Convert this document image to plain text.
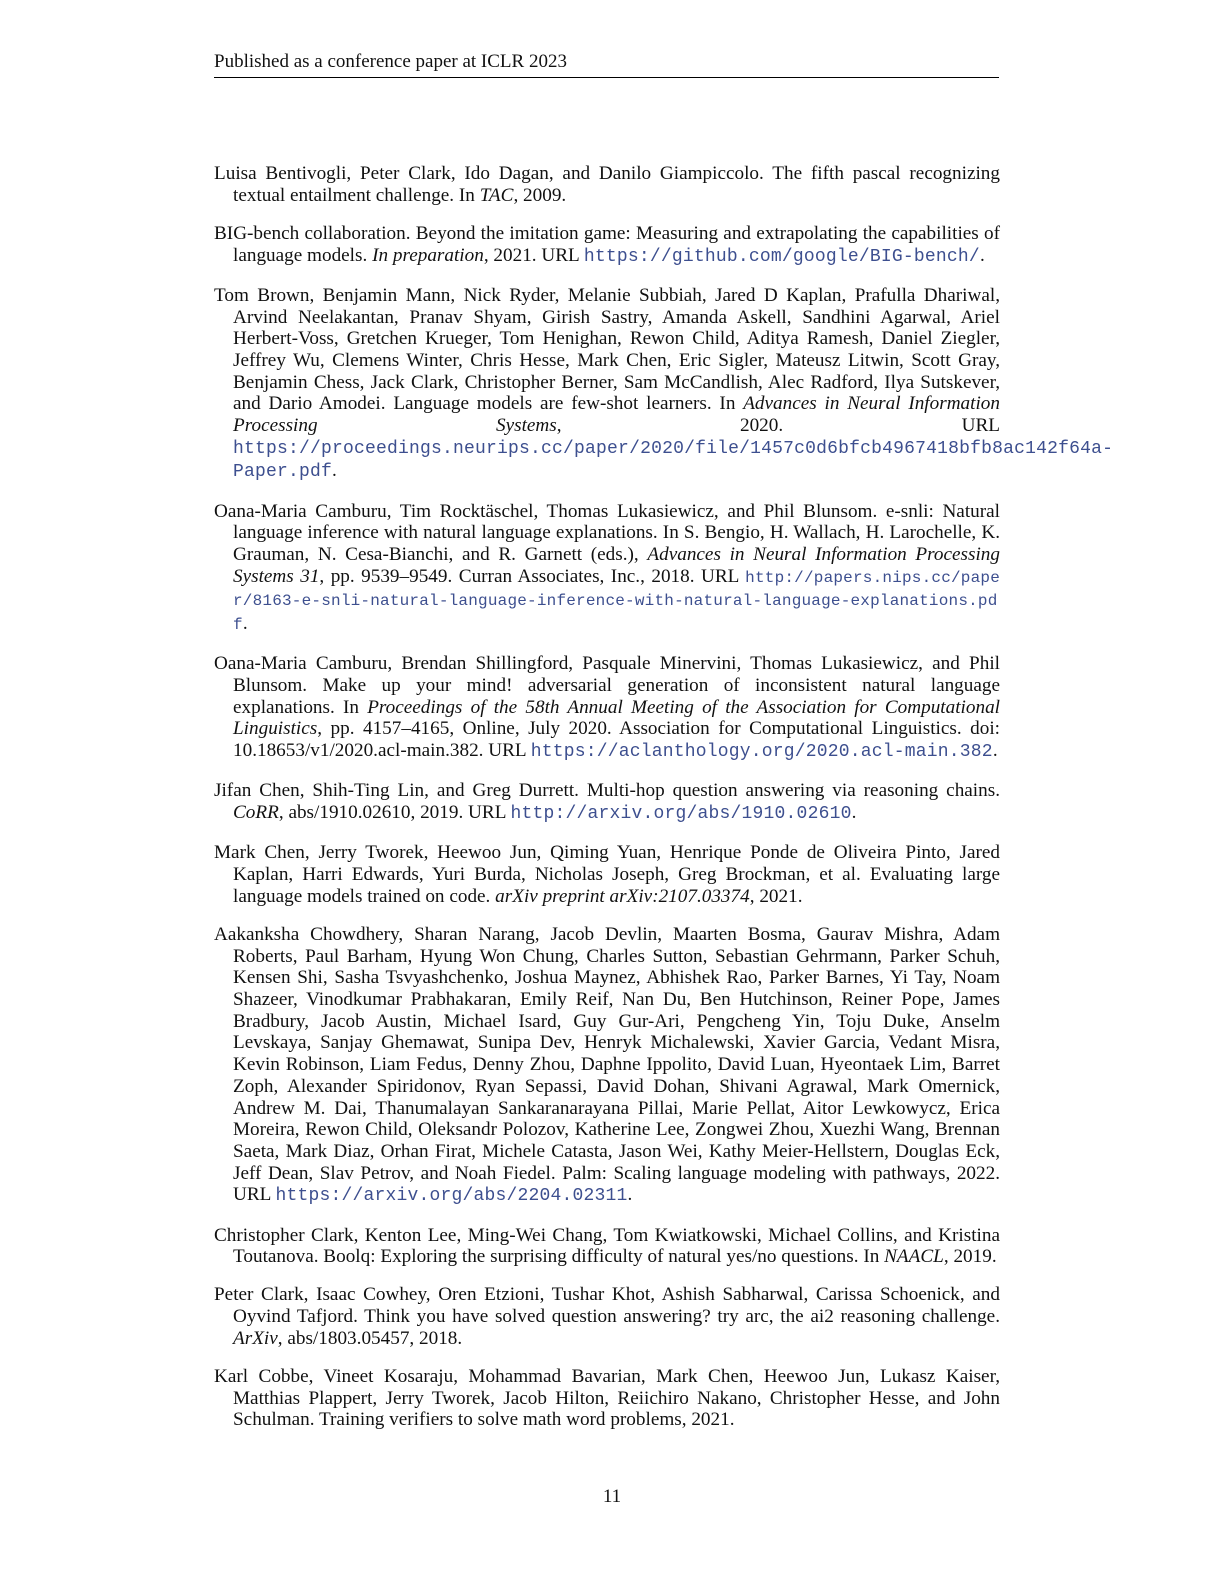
Published as a conference paper at ICLR 2023

Luisa Bentivogli, Peter Clark, Ido Dagan, and Danilo Giampiccolo. The fifth pascal recognizing textual entailment challenge. In TAC, 2009.

BIG-bench collaboration. Beyond the imitation game: Measuring and extrapolating the capabilities of language models. In preparation, 2021. URL https://github.com/google/BIG-bench/.

Tom Brown, Benjamin Mann, Nick Ryder, Melanie Subbiah, Jared D Kaplan, Prafulla Dhariwal, Arvind Neelakantan, Pranav Shyam, Girish Sastry, Amanda Askell, Sandhini Agarwal, Ariel Herbert-Voss, Gretchen Krueger, Tom Henighan, Rewon Child, Aditya Ramesh, Daniel Ziegler, Jeffrey Wu, Clemens Winter, Chris Hesse, Mark Chen, Eric Sigler, Mateusz Litwin, Scott Gray, Benjamin Chess, Jack Clark, Christopher Berner, Sam McCandlish, Alec Radford, Ilya Sutskever, and Dario Amodei. Language models are few-shot learners. In Advances in Neural Information Processing Systems, 2020. URL https://proceedings.neurips.cc/paper/2020/file/1457c0d6bfcb4967418bfb8ac142f64a-Paper.pdf.

Oana-Maria Camburu, Tim Rocktäschel, Thomas Lukasiewicz, and Phil Blunsom. e-snli: Natural language inference with natural language explanations. In S. Bengio, H. Wallach, H. Larochelle, K. Grauman, N. Cesa-Bianchi, and R. Garnett (eds.), Advances in Neural Information Processing Systems 31, pp. 9539–9549. Curran Associates, Inc., 2018. URL http://papers.nips.cc/paper/8163-e-snli-natural-language-inference-with-natural-language-explanations.pdf.

Oana-Maria Camburu, Brendan Shillingford, Pasquale Minervini, Thomas Lukasiewicz, and Phil Blunsom. Make up your mind! adversarial generation of inconsistent natural language explanations. In Proceedings of the 58th Annual Meeting of the Association for Computational Linguistics, pp. 4157–4165, Online, July 2020. Association for Computational Linguistics. doi: 10.18653/v1/2020.acl-main.382. URL https://aclanthology.org/2020.acl-main.382.

Jifan Chen, Shih-Ting Lin, and Greg Durrett. Multi-hop question answering via reasoning chains. CoRR, abs/1910.02610, 2019. URL http://arxiv.org/abs/1910.02610.

Mark Chen, Jerry Tworek, Heewoo Jun, Qiming Yuan, Henrique Ponde de Oliveira Pinto, Jared Kaplan, Harri Edwards, Yuri Burda, Nicholas Joseph, Greg Brockman, et al. Evaluating large language models trained on code. arXiv preprint arXiv:2107.03374, 2021.

Aakanksha Chowdhery, Sharan Narang, Jacob Devlin, Maarten Bosma, Gaurav Mishra, Adam Roberts, Paul Barham, Hyung Won Chung, Charles Sutton, Sebastian Gehrmann, Parker Schuh, Kensen Shi, Sasha Tsvyashchenko, Joshua Maynez, Abhishek Rao, Parker Barnes, Yi Tay, Noam Shazeer, Vinodkumar Prabhakaran, Emily Reif, Nan Du, Ben Hutchinson, Reiner Pope, James Bradbury, Jacob Austin, Michael Isard, Guy Gur-Ari, Pengcheng Yin, Toju Duke, Anselm Levskaya, Sanjay Ghemawat, Sunipa Dev, Henryk Michalewski, Xavier Garcia, Vedant Misra, Kevin Robinson, Liam Fedus, Denny Zhou, Daphne Ippolito, David Luan, Hyeontaek Lim, Barret Zoph, Alexander Spiridonov, Ryan Sepassi, David Dohan, Shivani Agrawal, Mark Omernick, Andrew M. Dai, Thanumalayan Sankaranarayana Pillai, Marie Pellat, Aitor Lewkowycz, Erica Moreira, Rewon Child, Oleksandr Polozov, Katherine Lee, Zongwei Zhou, Xuezhi Wang, Brennan Saeta, Mark Diaz, Orhan Firat, Michele Catasta, Jason Wei, Kathy Meier-Hellstern, Douglas Eck, Jeff Dean, Slav Petrov, and Noah Fiedel. Palm: Scaling language modeling with pathways, 2022. URL https://arxiv.org/abs/2204.02311.

Christopher Clark, Kenton Lee, Ming-Wei Chang, Tom Kwiatkowski, Michael Collins, and Kristina Toutanova. Boolq: Exploring the surprising difficulty of natural yes/no questions. In NAACL, 2019.

Peter Clark, Isaac Cowhey, Oren Etzioni, Tushar Khot, Ashish Sabharwal, Carissa Schoenick, and Oyvind Tafjord. Think you have solved question answering? try arc, the ai2 reasoning challenge. ArXiv, abs/1803.05457, 2018.

Karl Cobbe, Vineet Kosaraju, Mohammad Bavarian, Mark Chen, Heewoo Jun, Lukasz Kaiser, Matthias Plappert, Jerry Tworek, Jacob Hilton, Reiichiro Nakano, Christopher Hesse, and John Schulman. Training verifiers to solve math word problems, 2021.

11
